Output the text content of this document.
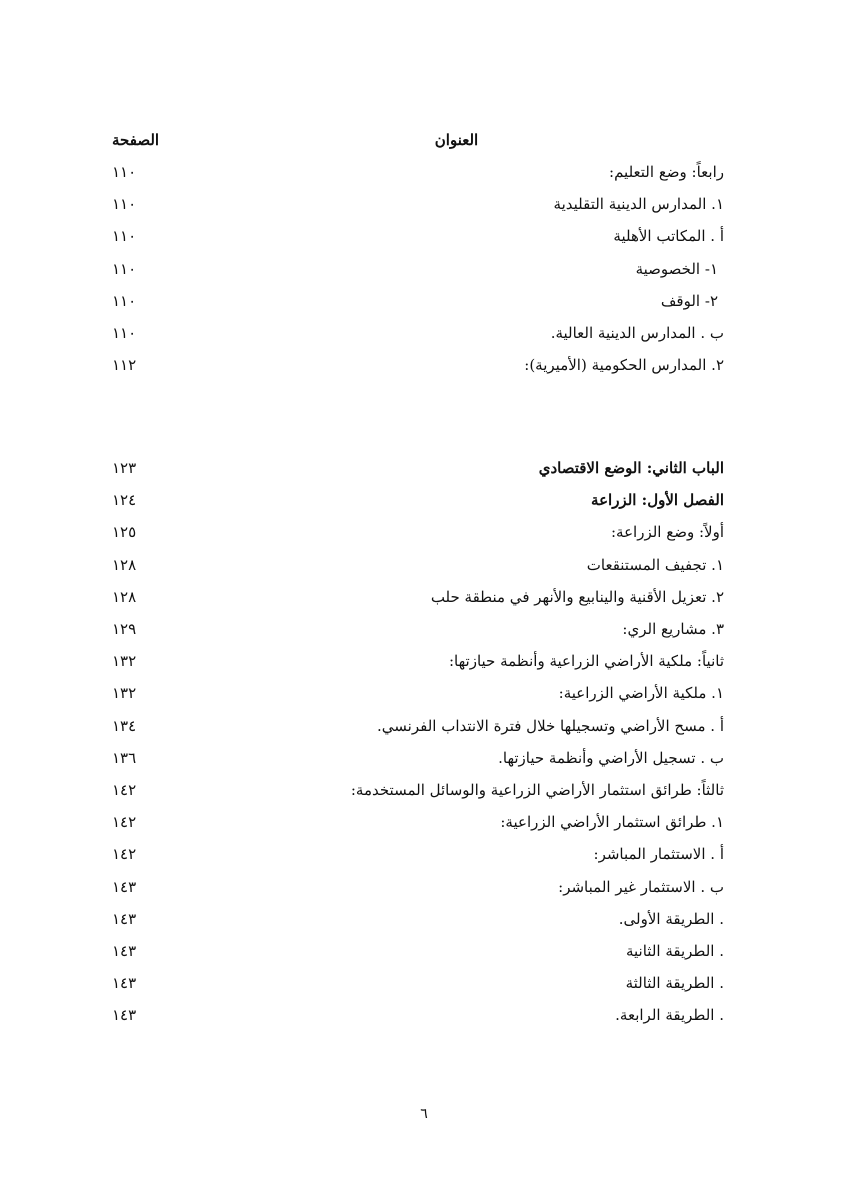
العنوان
الصفحة
رابعاً: وضع التعليم:
١١٠
١. المدارس الدينية التقليدية
١١٠
أ . المكاتب الأهلية
١١٠
١- الخصوصية
١١٠
٢- الوقف
١١٠
ب . المدارس الدينية العالية.
١١٠
٢. المدارس الحكومية (الأميرية):
١١٢
الباب الثاني: الوضع الاقتصادي
١٢٣
الفصل الأول: الزراعة
١٢٤
أولاً: وضع الزراعة:
١٢٥
١. تجفيف المستنقعات
١٢٨
٢. تعزيل الأقنية والينابيع والأنهر في منطقة حلب
١٢٨
٣. مشاريع الري:
١٢٩
ثانياً: ملكية الأراضي الزراعية وأنظمة حيازتها:
١٣٢
١. ملكية الأراضي الزراعية:
١٣٢
أ . مسح الأراضي وتسجيلها خلال فترة الانتداب الفرنسي.
١٣٤
ب . تسجيل الأراضي وأنظمة حيازتها.
١٣٦
ثالثاً: طرائق استثمار الأراضي الزراعية والوسائل المستخدمة:
١٤٢
١. طرائق استثمار الأراضي الزراعية:
١٤٢
أ . الاستثمار المباشر:
١٤٢
ب . الاستثمار غير المباشر:
١٤٣
. الطريقة الأولى.
١٤٣
. الطريقة الثانية
١٤٣
. الطريقة الثالثة
١٤٣
. الطريقة الرابعة.
١٤٣
٦
